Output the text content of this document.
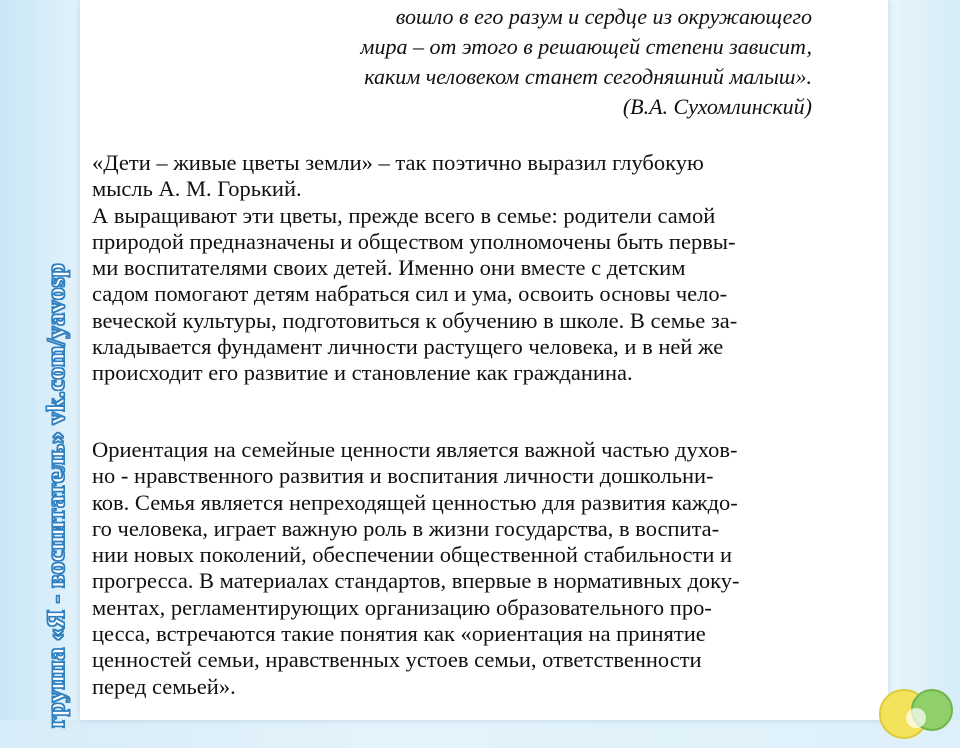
группа «Я - воспитатель» vk.com/yavosp
вошло в его разум и сердце из окружающего
мира – от этого в решающей степени зависит,
каким человеком станет сегодняшний малыш».
(В.А. Сухомлинский)
«Дети – живые цветы земли» – так поэтично выразил глубокую
мысль А. М. Горький.
А выращивают эти цветы, прежде всего в семье: родители самой
природой предназначены и обществом уполномочены быть первы-
ми воспитателями своих детей. Именно они вместе с детским
садом помогают детям набраться сил и ума, освоить основы чело-
веческой культуры, подготовиться к обучению в школе. В семье за-
кладывается фундамент личности растущего человека, и в ней же
происходит его развитие и становление как гражданина.
Ориентация на семейные ценности является важной частью духов-
но - нравственного развития и воспитания личности дошкольни-
ков. Семья является непреходящей ценностью для развития каждо-
го человека, играет важную роль в жизни государства, в воспита-
нии новых поколений, обеспечении общественной стабильности и
прогресса. В материалах стандартов, впервые в нормативных доку-
ментах, регламентирующих организацию образовательного про-
цесса, встречаются такие понятия как «ориентация на принятие
ценностей семьи, нравственных устоев семьи, ответственности
перед семьей».
